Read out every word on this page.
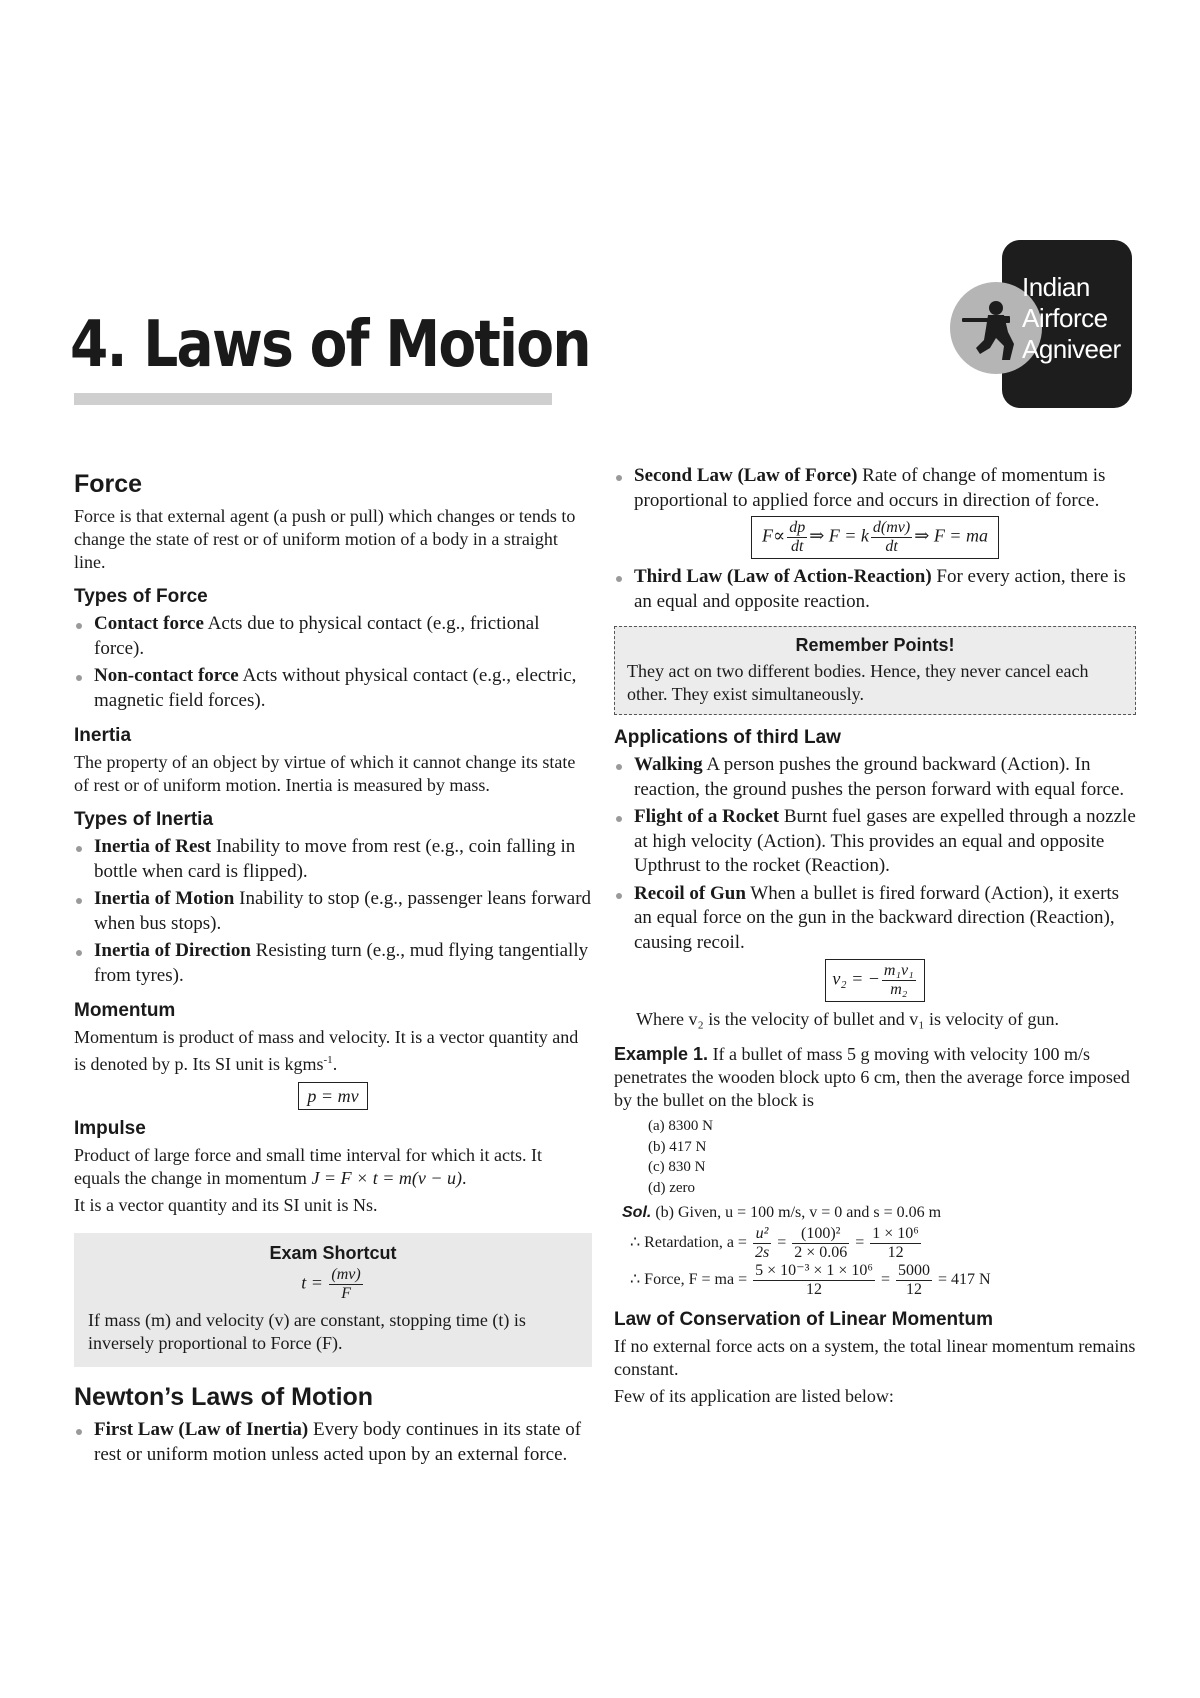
4. Laws of Motion
Indian
Airforce
Agniveer
Force

Force is that external agent (a push or pull) which changes or tends to change the state of rest or of uniform motion of a body in a straight line.

Types of Force
Contact force Acts due to physical contact (e.g., frictional force).
Non-contact force Acts without physical contact (e.g., electric, magnetic field forces).
Inertia

The property of an object by virtue of which it cannot change its state of rest or of uniform motion. Inertia is measured by mass.

Types of Inertia
Inertia of Rest Inability to move from rest (e.g., coin falling in bottle when card is flipped).
Inertia of Motion Inability to stop (e.g., passenger leans forward when bus stops).
Inertia of Direction Resisting turn (e.g., mud flying tangentially from tyres).
Momentum

Momentum is product of mass and velocity. It is a vector quantity and is denoted by p. Its SI unit is kgms$^{-1}$.

p = mv
Impulse

Product of large force and small time interval for which it acts. It equals the change in momentum J = F × t = m(v − u).

It is a vector quantity and its SI unit is Ns.

Exam Shortcut
$t = \frac{(mv)}{F}$

If mass (m) and velocity (v) are constant, stopping time (t) is inversely proportional to Force (F).

Newton’s Laws of Motion
First Law (Law of Inertia) Every body continues in its state of rest or uniform motion unless acted upon by an external force.
Second Law (Law of Force) Rate of change of momentum is proportional to applied force and occurs in direction of force.
$F\propto \frac{dp}{dt}$ ⇒ F = k $\frac{d(mv)}{dt}$ ⇒ F = ma
Third Law (Law of Action-Reaction) For every action, there is an equal and opposite reaction.
Remember Points!

They act on two different bodies. Hence, they never cancel each other. They exist simultaneously.

Applications of third Law
Walking A person pushes the ground backward (Action). In reaction, the ground pushes the person forward with equal force.
Flight of a Rocket Burnt fuel gases are expelled through a nozzle at high velocity (Action). This provides an equal and opposite Upthrust to the rocket (Reaction).
Recoil of Gun When a bullet is fired forward (Action), it exerts an equal force on the gun in the backward direction (Reaction), causing recoil.
v₂ = − $\frac{\text{m₁v₁}}{\text{m₂}}$

Where v₂ is the velocity of bullet and v₁ is velocity of gun.

Example 1. If a bullet of mass 5 g moving with velocity 100 m/s penetrates the wooden block upto 6 cm, then the average force imposed by the bullet on the block is

(a) 8300 N
(b) 417 N
(c) 830 N
(d) zero
Sol. (b) Given, u = 100 m/s, v = 0 and s = 0.06 m
∴ Retardation, $a = \frac{\text{u²}}{2s} = \frac{\text{(100)²}}{2 \times 0.06} = \frac{\text{1 × 10⁶}}{12}$
∴ Force, F = ma = $\frac{\text{5 × 10⁻³ × 1 × 10⁶}}{12} = \frac{5000}{12} = 417$ N
Law of Conservation of Linear Momentum

If no external force acts on a system, the total linear momentum remains constant.

Few of its application are listed below:
